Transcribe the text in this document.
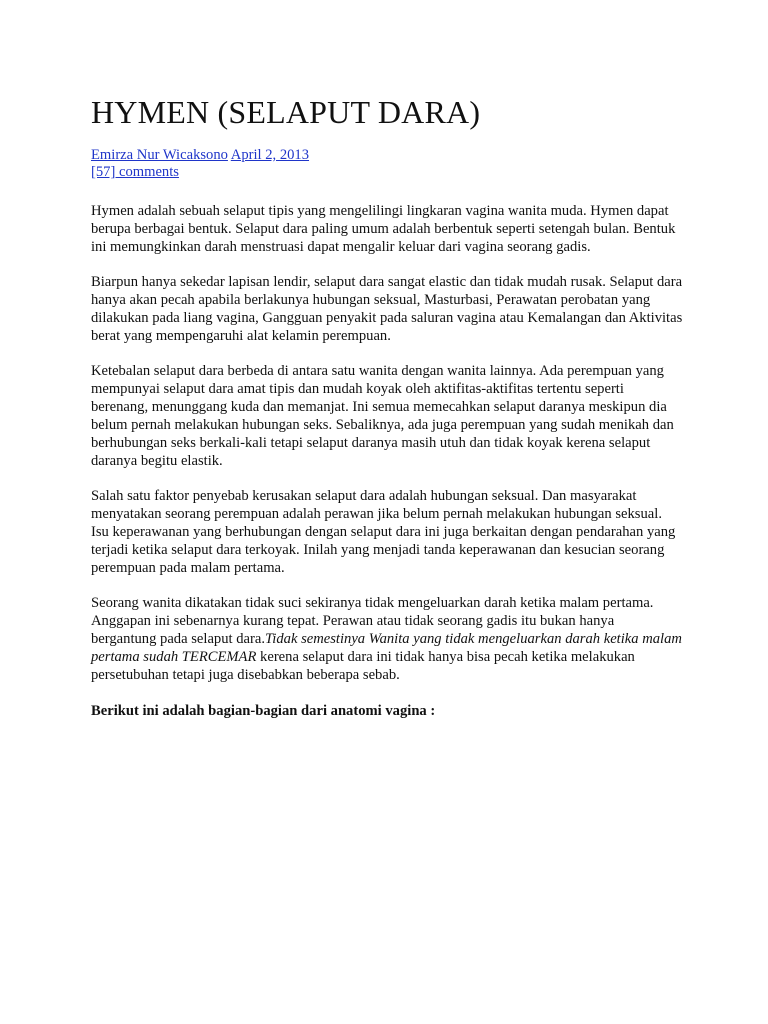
HYMEN (SELAPUT DARA)
Emirza Nur Wicaksono April 2, 2013
[57] comments

Hymen adalah sebuah selaput tipis yang mengelilingi lingkaran vagina wanita muda. Hymen dapat berupa berbagai bentuk. Selaput dara paling umum adalah berbentuk seperti setengah bulan. Bentuk ini memungkinkan darah menstruasi dapat mengalir keluar dari vagina seorang gadis.

Biarpun hanya sekedar lapisan lendir, selaput dara sangat elastic dan tidak mudah rusak. Selaput dara hanya akan pecah apabila berlakunya hubungan seksual, Masturbasi, Perawatan perobatan yang dilakukan pada liang vagina, Gangguan penyakit pada saluran vagina atau Kemalangan dan Aktivitas berat yang mempengaruhi alat kelamin perempuan.

Ketebalan selaput dara berbeda di antara satu wanita dengan wanita lainnya. Ada perempuan yang mempunyai selaput dara amat tipis dan mudah koyak oleh aktifitas-aktifitas tertentu seperti berenang, menunggang kuda dan memanjat. Ini semua memecahkan selaput daranya meskipun dia belum pernah melakukan hubungan seks. Sebaliknya, ada juga perempuan yang sudah menikah dan berhubungan seks berkali-kali tetapi selaput daranya masih utuh dan tidak koyak kerena selaput daranya begitu elastik.

Salah satu faktor penyebab kerusakan selaput dara adalah hubungan seksual. Dan masyarakat menyatakan seorang perempuan adalah perawan jika belum pernah melakukan hubungan seksual. Isu keperawanan yang berhubungan dengan selaput dara ini juga berkaitan dengan pendarahan yang terjadi ketika selaput dara terkoyak. Inilah yang menjadi tanda keperawanan dan kesucian seorang perempuan pada malam pertama.

Seorang wanita dikatakan tidak suci sekiranya tidak mengeluarkan darah ketika malam pertama. Anggapan ini sebenarnya kurang tepat. Perawan atau tidak seorang gadis itu bukan hanya bergantung pada selaput dara.Tidak semestinya Wanita yang tidak mengeluarkan darah ketika malam pertama sudah TERCEMAR kerena selaput dara ini tidak hanya bisa pecah ketika melakukan persetubuhan tetapi juga disebabkan beberapa sebab.

Berikut ini adalah bagian-bagian dari anatomi vagina :
